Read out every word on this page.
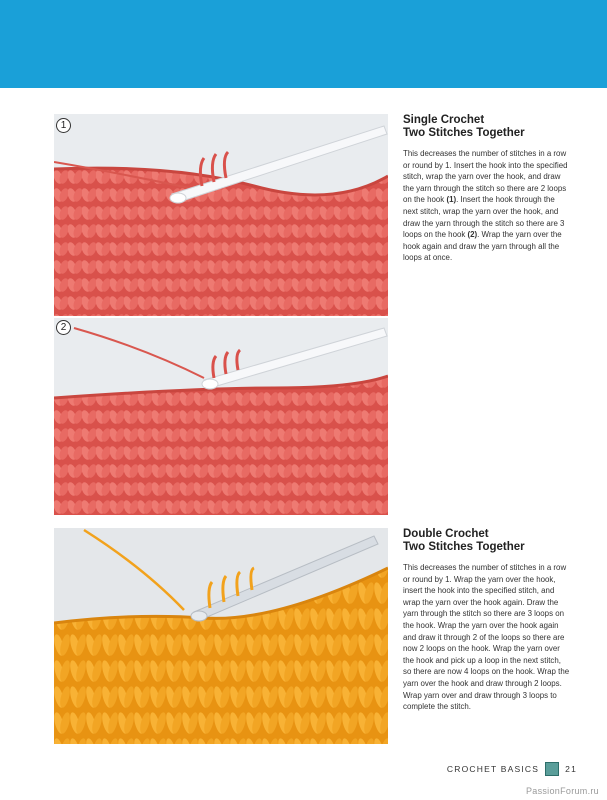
1
2
Single Crochet
Two Stitches Together

This decreases the number of stitches in a row or round by 1. Insert the hook into the specified stitch, wrap the yarn over the hook, and draw the yarn through the stitch so there are 2 loops on the hook (1). Insert the hook through the next stitch, wrap the yarn over the hook, and draw the yarn through the stitch so there are 3 loops on the hook (2). Wrap the yarn over the hook again and draw the yarn through all the loops at once.

Double Crochet
Two Stitches Together

This decreases the number of stitches in a row or round by 1. Wrap the yarn over the hook, insert the hook into the specified stitch, and wrap the yarn over the hook again. Draw the yarn through the stitch so there are 3 loops on the hook. Wrap the yarn over the hook again and draw it through 2 of the loops so there are now 2 loops on the hook. Wrap the yarn over the hook and pick up a loop in the next stitch, so there are now 4 loops on the hook. Wrap the yarn over the hook and draw through 2 loops. Wrap yarn over and draw through 3 loops to complete the stitch.

CROCHET BASICS	21
PassionForum.ru
